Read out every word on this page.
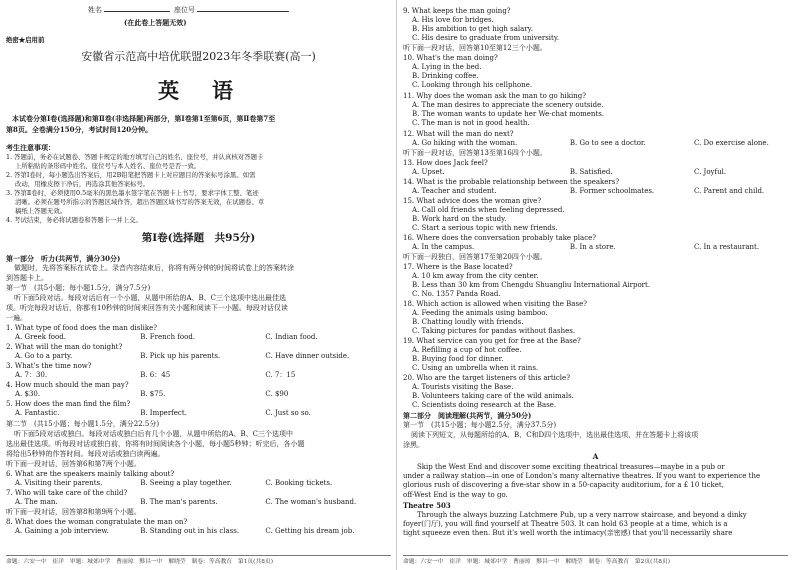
姓名	座位号
(在此卷上答题无效)
绝密★启用前
安徽省示范高中培优联盟2023年冬季联赛(高一)
英　语
本试卷分第Ⅰ卷(选择题)和第Ⅱ卷(非选择题)两部分，第Ⅰ卷第1至第6页，第Ⅱ卷第7至
第8页。全卷满分150分，考试时间120分钟。
考生注意事项：
1. 答题前，务必在试题卷、答题卡规定的地方填写自己的姓名、座位号，并认真核对答题卡
上所粘贴的条形码中姓名、座位号与本人姓名、座位号是否一致。
2. 答第Ⅰ卷时，每小题选出答案后，用2B铅笔把答题卡上对应题目的答案标号涂黑。如需
改动，用橡皮擦干净后，再选涂其他答案标号。
3. 答第Ⅱ卷时，必须使用0.5毫米的黑色墨水签字笔在答题卡上书写，要求字体工整、笔迹
清晰。必须在题号所指示的答题区域作答，超出答题区域书写的答案无效，在试题卷、草
稿纸上答题无效。
4. 考试结束，务必将试题卷和答题卡一并上交。
第Ⅰ卷(选择题　共95分)
第一部分　听力(共两节，满分30分)
做题时，先将答案标在试卷上。录音内容结束后，你将有两分钟的时间将试卷上的答案转涂
到答题卡上。
第一节　(共5小题；每小题1.5分，满分7.5分)
听下面5段对话。每段对话后有一个小题，从题中所给的A、B、C三个选项中选出最佳选
项。听完每段对话后，你都有10秒钟的时间来回答有关小题和阅读下一小题。每段对话仅读
一遍。
1. What type of food does the man dislike?
A. Greek food.	B. French food.	C. Indian food.
2. What will the man do tonight?
A. Go to a party.	B. Pick up his parents.	C. Have dinner outside.
3. What's the time now?
A. 7：30.	B. 6：45	C. 7：15
4. How much should the man pay?
A. $30.	B. $75.	C. $90
5. How does the man find the film?
A. Fantastic.	B. Imperfect.	C. Just so so.
第二节　(共15小题；每小题1.5分，满分22.5分)
听下面5段对话或独白。每段对话或独白后有几个小题，从题中所给的A、B、C三个选项中
选出最佳选项。听每段对话或独白前，你将有时间阅读各个小题，每小题5秒钟；听完后，各小题
将给出5秒钟的作答时间。每段对话或独白读两遍。
听下面一段对话，回答第6和第7两个小题。
6. What are the speakers mainly talking about?
A. Visiting their parents.	B. Seeing a play together.	C. Booking tickets.
7. Who will take care of the child?
A. The man.	B. The man's parents.	C. The woman's husband.
听下面一段对话，回答第8和第9两个小题。
8. What does the woman congratulate the man on?
A. Gaining a job interview.	B. Standing out in his class.	C. Getting his dream job.
命题：六安一中　崔洋　审题：城郊中学　曹丽琼　黟昌一中　解晓莹　制卷：等高教育　第1页(共8页)
9. What keeps the man going?
A. His love for bridges.
B. His ambition to get high salary.
C. His desire to graduate from university.
听下面一段对话，回答第10至第12三个小题。
10. What's the man doing?
A. Lying in the bed.
B. Drinking coffee.
C. Looking through his cellphone.
11. Why does the woman ask the man to go hiking?
A. The man desires to appreciate the scenery outside.
B. The woman wants to update her We-chat moments.
C. The man is not in good health.
12. What will the man do next?
A. Go hiking with the woman.	B. Go to see a doctor.	C. Do exercise alone.
听下面一段对话，回答第13至第16四个小题。
13. How does Jack feel?
A. Upset.	B. Satisfied.	C. Joyful.
14. What is the probable relationship between the speakers?
A. Teacher and student.	B. Former schoolmates.	C. Parent and child.
15. What advice does the woman give?
A. Call old friends when feeling depressed.
B. Work hard on the study.
C. Start a serious topic with new friends.
16. Where does the conversation probably take place?
A. In the campus.	B. In a store.	C. In a restaurant.
听下面一段独白，回答第17至第20四个小题。
17. Where is the Base located?
A. 10 km away from the city center.
B. Less than 30 km from Chengdu Shuangliu International Airport.
C. No. 1357 Panda Road.
18. Which action is allowed when visiting the Base?
A. Feeding the animals using bamboo.
B. Chatting loudly with friends.
C. Taking pictures for pandas without flashes.
19. What service can you get for free at the Base?
A. Refilling a cup of hot coffee.
B. Buying food for dinner.
C. Using an umbrella when it rains.
20. Who are the target listeners of this article?
A. Tourists visiting the Base.
B. Volunteers taking care of the wild animals.
C. Scientists doing research at the Base.
第二部分　阅读理解(共两节，满分50分)
第一节　(共15小题；每小题2.5分，满分37.5分)
阅读下列短文，从每题所给的A、B、C和D四个选项中，选出最佳选项，并在答题卡上将该项
涂黑。
A
Skip the West End and discover some exciting theatrical treasures—maybe in a pub or
under a railway station—in one of London's many alternative theatres. If you want to experience the
glorious rush of discovering a five-star show in a 50-capacity auditorium, for a £ 10 ticket,
off-West End is the way to go.
Theatre 503
Through the always buzzing Latchmere Pub, up a very narrow staircase, and beyond a dinky
foyer(门厅), you will find yourself at Theatre 503. It can hold 63 people at a time, which is a
tight squeeze even then. But it's well worth the intimacy(亲密感) that you'll necessarily share
命题：六安一中　崔洋　审题：城郊中学　曹丽琼　黟昌一中　解晓莹　制卷：等高教育　第2页(共8页)
